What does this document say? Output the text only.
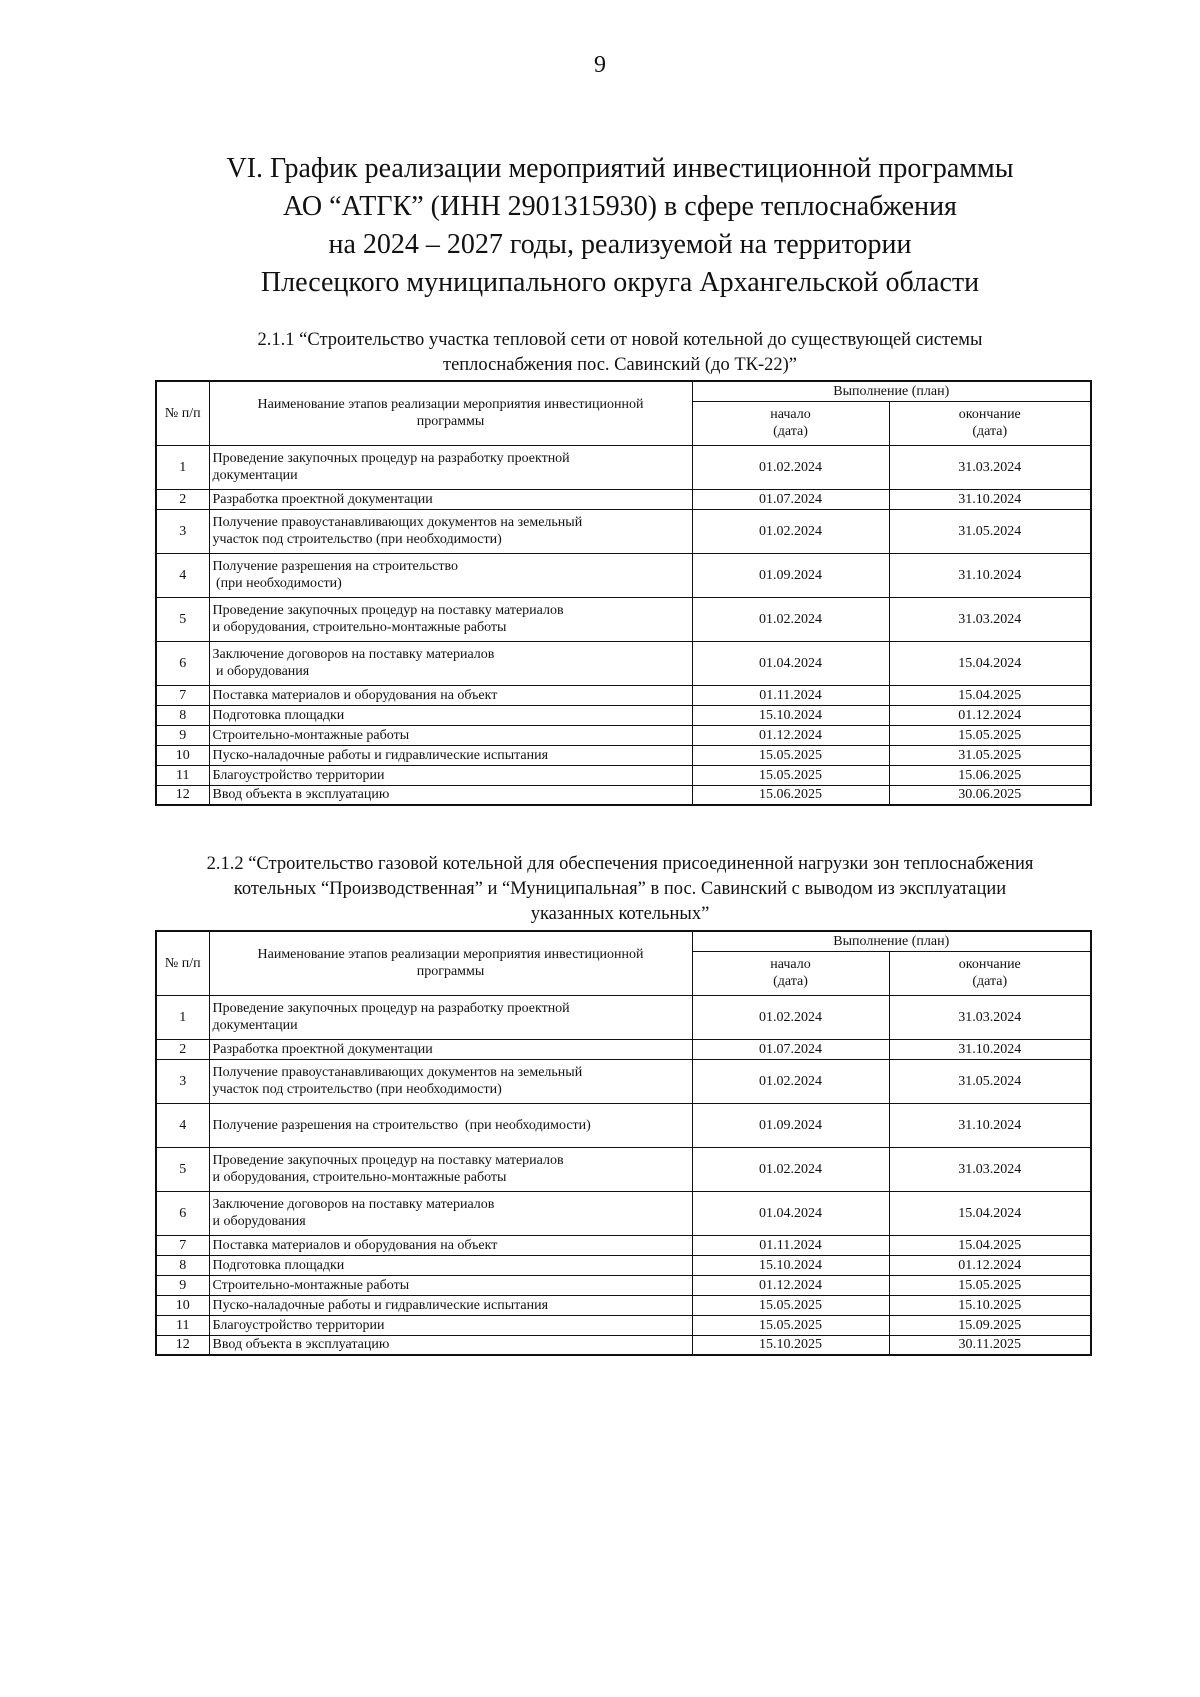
9
VI. График реализации мероприятий инвестиционной программы
АО “АТГК” (ИНН 2901315930) в сфере теплоснабжения
на 2024 – 2027 годы, реализуемой на территории
Плесецкого муниципального округа Архангельской области
2.1.1 “Строительство участка тепловой сети от новой котельной до существующей системы
теплоснабжения пос. Савинский (до ТК-22)”
№ п/п	Наименование этапов реализации мероприятия инвестиционной программы	Выполнение (план)	
		начало
(дата)	окончание
(дата)
1	Проведение закупочных процедур на разработку проектной
документации	01.02.2024	31.03.2024
2	Разработка проектной документации	01.07.2024	31.10.2024
3	Получение правоустанавливающих документов на земельный
участок под строительство (при необходимости)	01.02.2024	31.05.2024
4	Получение разрешения на строительство
(при необходимости)	01.09.2024	31.10.2024
5	Проведение закупочных процедур на поставку материалов
и оборудования, строительно-монтажные работы	01.02.2024	31.03.2024
6	Заключение договоров на поставку материалов
и оборудования	01.04.2024	15.04.2024
7	Поставка материалов и оборудования на объект	01.11.2024	15.04.2025
8	Подготовка площадки	15.10.2024	01.12.2024
9	Строительно-монтажные работы	01.12.2024	15.05.2025
10	Пуско-наладочные работы и гидравлические испытания	15.05.2025	31.05.2025
11	Благоустройство территории	15.05.2025	15.06.2025
12	Ввод объекта в эксплуатацию	15.06.2025	30.06.2025
2.1.2 “Строительство газовой котельной для обеспечения присоединенной нагрузки зон теплоснабжения
котельных “Производственная” и “Муниципальная” в пос. Савинский с выводом из эксплуатации
указанных котельных”
№ п/п	Наименование этапов реализации мероприятия инвестиционной программы	Выполнение (план)	
		начало
(дата)	окончание
(дата)
1	Проведение закупочных процедур на разработку проектной
документации	01.02.2024	31.03.2024
2	Разработка проектной документации	01.07.2024	31.10.2024
3	Получение правоустанавливающих документов на земельный
участок под строительство (при необходимости)	01.02.2024	31.05.2024
4	Получение разрешения на строительство  (при необходимости)	01.09.2024	31.10.2024
5	Проведение закупочных процедур на поставку материалов
и оборудования, строительно-монтажные работы	01.02.2024	31.03.2024
6	Заключение договоров на поставку материалов
и оборудования	01.04.2024	15.04.2024
7	Поставка материалов и оборудования на объект	01.11.2024	15.04.2025
8	Подготовка площадки	15.10.2024	01.12.2024
9	Строительно-монтажные работы	01.12.2024	15.05.2025
10	Пуско-наладочные работы и гидравлические испытания	15.05.2025	15.10.2025
11	Благоустройство территории	15.05.2025	15.09.2025
12	Ввод объекта в эксплуатацию	15.10.2025	30.11.2025
